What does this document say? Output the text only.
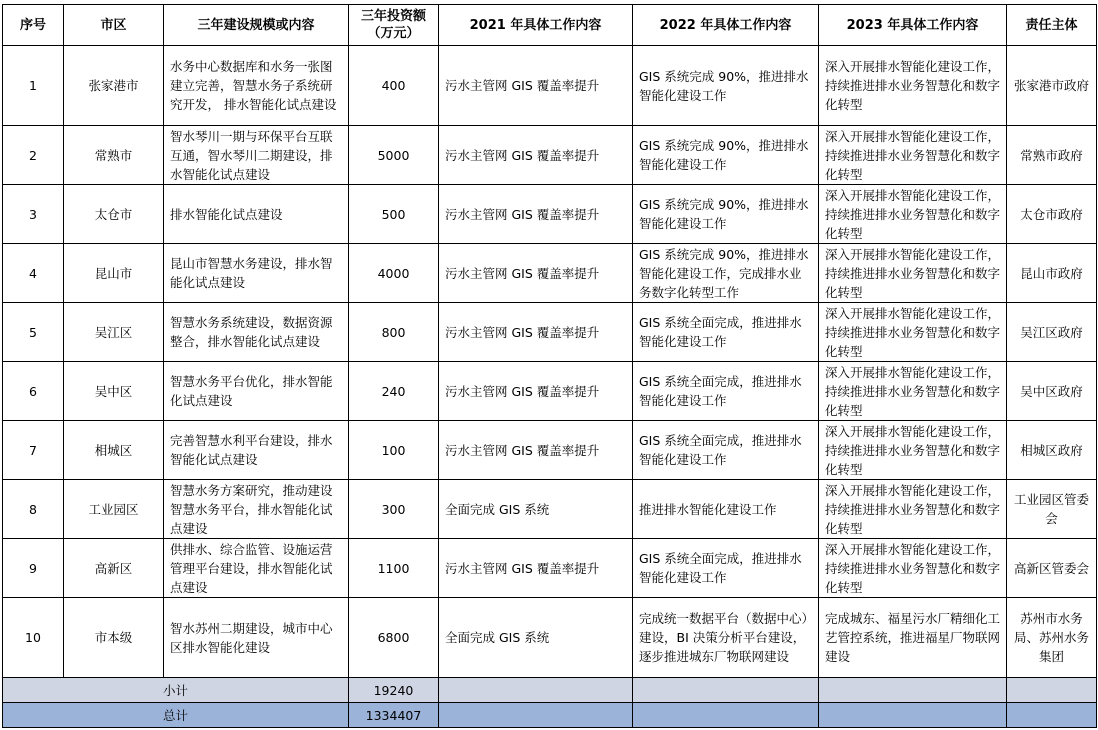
序号	市区	三年建设规模或内容	三年投资额（万元）	2021 年具体工作内容	2022 年具体工作内容	2023 年具体工作内容	责任主体
1	张家港市	水务中心数据库和水务一张图建立完善，智慧水务子系统研究开发， 排水智能化试点建设	400	污水主管网 GIS 覆盖率提升	GIS 系统完成 90%，推进排水智能化建设工作	深入开展排水智能化建设工作，持续推进排水业务智慧化和数字化转型	张家港市政府
2	常熟市	智水琴川一期与环保平台互联互通，智水琴川二期建设，排水智能化试点建设	5000	污水主管网 GIS 覆盖率提升	GIS 系统完成 90%，推进排水智能化建设工作	深入开展排水智能化建设工作，持续推进排水业务智慧化和数字化转型	常熟市政府
3	太仓市	排水智能化试点建设	500	污水主管网 GIS 覆盖率提升	GIS 系统完成 90%，推进排水智能化建设工作	深入开展排水智能化建设工作，持续推进排水业务智慧化和数字化转型	太仓市政府
4	昆山市	昆山市智慧水务建设，排水智能化试点建设	4000	污水主管网 GIS 覆盖率提升	GIS 系统完成 90%，推进排水智能化建设工作，完成排水业务数字化转型工作	深入开展排水智能化建设工作，持续推进排水业务智慧化和数字化转型	昆山市政府
5	吴江区	智慧水务系统建设，数据资源整合，排水智能化试点建设	800	污水主管网 GIS 覆盖率提升	GIS 系统全面完成，推进排水智能化建设工作	深入开展排水智能化建设工作，持续推进排水业务智慧化和数字化转型	吴江区政府
6	吴中区	智慧水务平台优化，排水智能化试点建设	240	污水主管网 GIS 覆盖率提升	GIS 系统全面完成，推进排水智能化建设工作	深入开展排水智能化建设工作，持续推进排水业务智慧化和数字化转型	吴中区政府
7	相城区	完善智慧水利平台建设，排水智能化试点建设	100	污水主管网 GIS 覆盖率提升	GIS 系统全面完成，推进排水智能化建设工作	深入开展排水智能化建设工作，持续推进排水业务智慧化和数字化转型	相城区政府
8	工业园区	智慧水务方案研究，推动建设智慧水务平台，排水智能化试点建设	300	全面完成 GIS 系统	推进排水智能化建设工作	深入开展排水智能化建设工作，持续推进排水业务智慧化和数字化转型	工业园区管委会
9	高新区	供排水、综合监管、设施运营管理平台建设，排水智能化试点建设	1100	污水主管网 GIS 覆盖率提升	GIS 系统全面完成，推进排水智能化建设工作	深入开展排水智能化建设工作，持续推进排水业务智慧化和数字化转型	高新区管委会
10	市本级	智水苏州二期建设，城市中心区排水智能化建设	6800	全面完成 GIS 系统	完成统一数据平台（数据中心）建设，BI 决策分析平台建设，逐步推进城东厂物联网建设	完成城东、福星污水厂精细化工艺管控系统，推进福星厂物联网建设	苏州市水务局、苏州水务集团
小计			19240				
总计			1334407				
